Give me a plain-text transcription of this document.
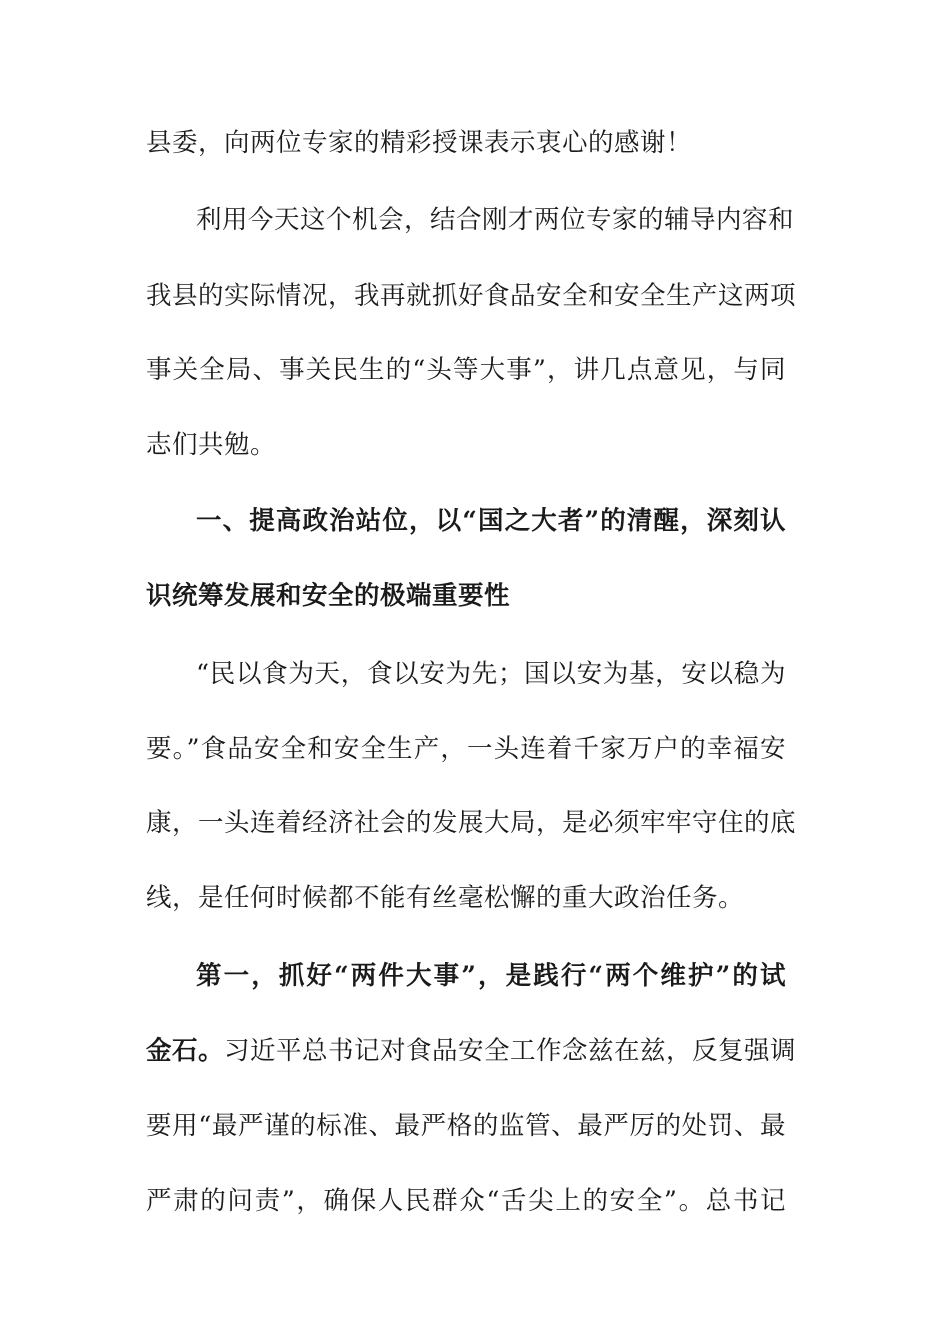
县委，向两位专家的精彩授课表示衷心的感谢！
利用今天这个机会，结合刚才两位专家的辅导内容和
我县的实际情况，我再就抓好食品安全和安全生产这两项
事关全局、事关民生的“头等大事”，讲几点意见，与同
志们共勉。
一、提高政治站位，以“国之大者”的清醒，深刻认
识统筹发展和安全的极端重要性
“民以食为天，食以安为先；国以安为基，安以稳为
要。”食品安全和安全生产，一头连着千家万户的幸福安
康，一头连着经济社会的发展大局，是必须牢牢守住的底
线，是任何时候都不能有丝毫松懈的重大政治任务。
第一，抓好“两件大事”，是践行“两个维护”的试
金石。习近平总书记对食品安全工作念兹在兹，反复强调
要用“最严谨的标准、最严格的监管、最严厉的处罚、最
严肃的问责”，确保人民群众“舌尖上的安全”。总书记
